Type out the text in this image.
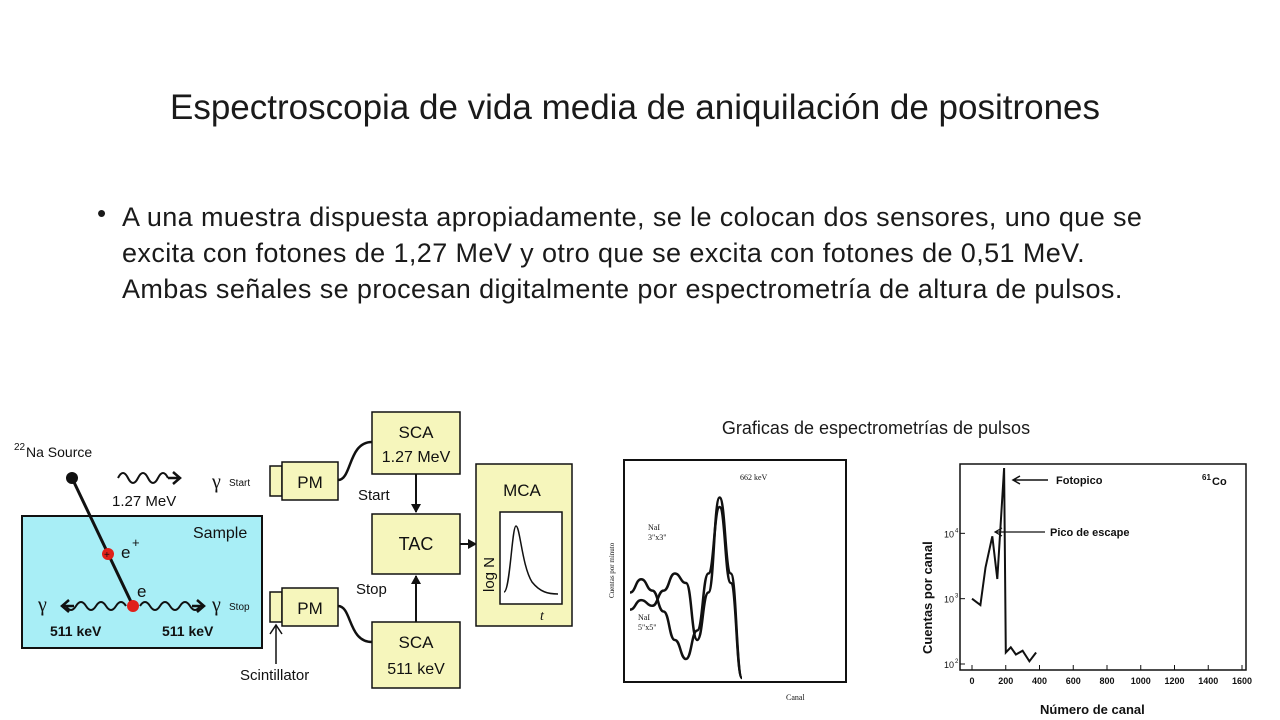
Espectroscopia de vida media de aniquilación de positrones
• A una muestra dispuesta apropiadamente, se le colocan dos sensores, uno que se excita con fotones de 1,27 MeV y otro que se excita con fotones de 0,51 MeV. Ambas señales se procesan digitalmente por espectrometría de altura de pulsos.
Graficas de espectrometrías de pulsos
Sample
22 Na Source
1.27 MeV
+ e
+
e
γ	γ Stop
511 keV	511 keV
γ Start	PM
PM
Scintillator
SCA
1.27 MeV
TAC
SCA
511 keV
Start
Stop
MCA
log N
t
662 keV
NaI
3"x3"
NaI
5"x5"
Cuentas por minuto
Canal
0	200 400 600 800 1000 1200 1400 1600
10 2
10 3
10 4
Fotopico
Pico de escape
61 Co
Cuentas por canal
Número de canal
